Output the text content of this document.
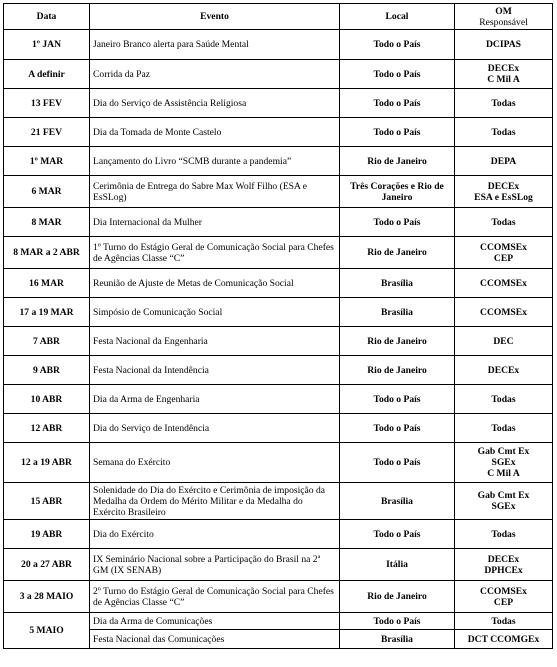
Data	Evento	Local	OM
Responsável
1º JAN	Janeiro Branco alerta para Saúde Mental	Todo o País	DCIPAS
A definir	Corrida da Paz	Todo o País	DECEx
C Mil A
13 FEV	Dia do Serviço de Assistência Religiosa	Todo o País	Todas
21 FEV	Dia da Tomada de Monte Castelo	Todo o País	Todas
1º MAR	Lançamento do Livro “SCMB durante a pandemia”	Rio de Janeiro	DEPA
6 MAR	Cerimônia de Entrega do Sabre Max Wolf Filho (ESA e EsSLog)	Três Corações e Rio de Janeiro	DECEx
ESA e EsSLog
8 MAR	Dia Internacional da Mulher	Todo o País	Todas
8 MAR a 2 ABR	1º Turno do Estágio Geral de Comunicação Social para Chefes de Agências Classe “C”	Rio de Janeiro	CCOMSEx
CEP
16 MAR	Reunião de Ajuste de Metas de Comunicação Social	Brasília	CCOMSEx
17 a 19 MAR	Simpósio de Comunicação Social	Brasília	CCOMSEx
7 ABR	Festa Nacional da Engenharia	Rio de Janeiro	DEC
9 ABR	Festa Nacional da Intendência	Rio de Janeiro	DECEx
10 ABR	Dia da Arma de Engenharia	Todo o País	Todas
12 ABR	Dia do Serviço de Intendência	Todo o País	Todas
12 a 19 ABR	Semana do Exército	Todo o País	Gab Cmt Ex
SGEx
C Mil A
15 ABR	Solenidade do Dia do Exército e Cerimônia de imposição da Medalha da Ordem do Mérito Militar e da Medalha do Exército Brasileiro	Brasília	Gab Cmt Ex
SGEx
19 ABR	Dia do Exército	Todo o País	Todas
20 a 27 ABR	IX Seminário Nacional sobre a Participação do Brasil na 2ª GM (IX SENAB)	Itália	DECEx
DPHCEx
3 a 28 MAIO	2º Turno do Estágio Geral de Comunicação Social para Chefes de Agências Classe “C”	Rio de Janeiro	CCOMSEx
CEP
5 MAIO	Dia da Arma de Comunicações	Todo o País	Todas
	Festa Nacional das Comunicações	Brasília	DCT CCOMGEx
